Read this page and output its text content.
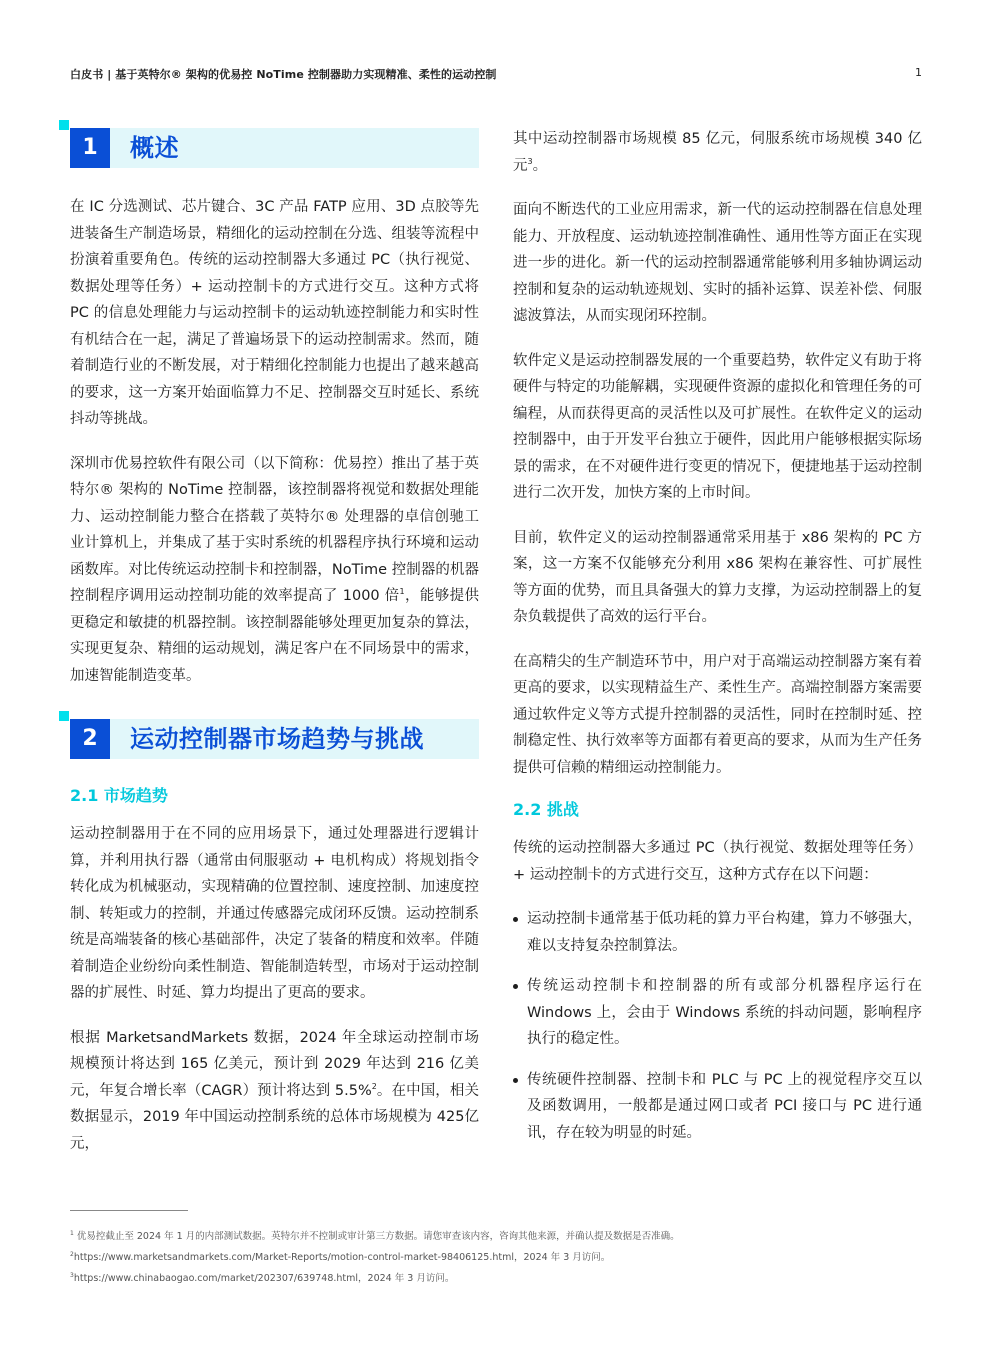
白皮书 | 基于英特尔® 架构的优易控 NoTime 控制器助力实现精准、柔性的运动控制	1
1	概述

在 IC 分选测试、芯片键合、3C 产品 FATP 应用、3D 点胶等先进装备生产制造场景，精细化的运动控制在分选、组装等流程中扮演着重要角色。传统的运动控制器大多通过 PC（执行视觉、数据处理等任务）+ 运动控制卡的方式进行交互。这种方式将 PC 的信息处理能力与运动控制卡的运动轨迹控制能力和实时性有机结合在一起，满足了普遍场景下的运动控制需求。然而，随着制造行业的不断发展，对于精细化控制能力也提出了越来越高的要求，这一方案开始面临算力不足、控制器交互时延长、系统抖动等挑战。

深圳市优易控软件有限公司（以下简称：优易控）推出了基于英特尔® 架构的 NoTime 控制器，该控制器将视觉和数据处理能力、运动控制能力整合在搭载了英特尔® 处理器的卓信创驰工业计算机上，并集成了基于实时系统的机器程序执行环境和运动函数库。对比传统运动控制卡和控制器，NoTime 控制器的机器控制程序调用运动控制功能的效率提高了 1000 倍$^1$，能够提供更稳定和敏捷的机器控制。该控制器能够处理更加复杂的算法，实现更复杂、精细的运动规划，满足客户在不同场景中的需求，加速智能制造变革。

2	运动控制器市场趋势与挑战
2.1 市场趋势

运动控制器用于在不同的应用场景下，通过处理器进行逻辑计算，并利用执行器（通常由伺服驱动 + 电机构成）将规划指令转化成为机械驱动，实现精确的位置控制、速度控制、加速度控制、转矩或力的控制，并通过传感器完成闭环反馈。运动控制系统是高端装备的核心基础部件，决定了装备的精度和效率。伴随着制造企业纷纷向柔性制造、智能制造转型，市场对于运动控制器的扩展性、时延、算力均提出了更高的要求。

根据 MarketsandMarkets 数据，2024 年全球运动控制市场规模预计将达到 165 亿美元，预计到 2029 年达到 216 亿美元，年复合增长率（CAGR）预计将达到 5.5%$^2$。在中国，相关数据显示，2019 年中国运动控制系统的总体市场规模为 425亿元，

其中运动控制器市场规模 85 亿元，伺服系统市场规模 340 亿元$^3$。

面向不断迭代的工业应用需求，新一代的运动控制器在信息处理能力、开放程度、运动轨迹控制准确性、通用性等方面正在实现进一步的进化。新一代的运动控制器通常能够利用多轴协调运动控制和复杂的运动轨迹规划、实时的插补运算、误差补偿、伺服滤波算法，从而实现闭环控制。

软件定义是运动控制器发展的一个重要趋势，软件定义有助于将硬件与特定的功能解耦，实现硬件资源的虚拟化和管理任务的可编程，从而获得更高的灵活性以及可扩展性。在软件定义的运动控制器中，由于开发平台独立于硬件，因此用户能够根据实际场景的需求，在不对硬件进行变更的情况下，便捷地基于运动控制进行二次开发，加快方案的上市时间。

目前，软件定义的运动控制器通常采用基于 x86 架构的 PC 方案，这一方案不仅能够充分利用 x86 架构在兼容性、可扩展性等方面的优势，而且具备强大的算力支撑，为运动控制器上的复杂负载提供了高效的运行平台。

在高精尖的生产制造环节中，用户对于高端运动控制器方案有着更高的要求，以实现精益生产、柔性生产。高端控制器方案需要通过软件定义等方式提升控制器的灵活性，同时在控制时延、控制稳定性、执行效率等方面都有着更高的要求，从而为生产任务提供可信赖的精细运动控制能力。

2.2 挑战

传统的运动控制器大多通过 PC（执行视觉、数据处理等任务）+ 运动控制卡的方式进行交互，这种方式存在以下问题：

运动控制卡通常基于低功耗的算力平台构建，算力不够强大，难以支持复杂控制算法。
传统运动控制卡和控制器的所有或部分机器程序运行在 Windows 上，会由于 Windows 系统的抖动问题，影响程序执行的稳定性。
传统硬件控制器、控制卡和 PLC 与 PC 上的视觉程序交互以及函数调用，一般都是通过网口或者 PCI 接口与 PC 进行通讯，存在较为明显的时延。
$^1$ 优易控截止至 2024 年 1 月的内部测试数据。英特尔并不控制或审计第三方数据。请您审查该内容，咨询其他来源，并确认提及数据是否准确。
$^2$https://www.marketsandmarkets.com/Market-Reports/motion-control-market-98406125.html，2024 年 3 月访问。
$^3$https://www.chinabaogao.com/market/202307/639748.html，2024 年 3 月访问。
